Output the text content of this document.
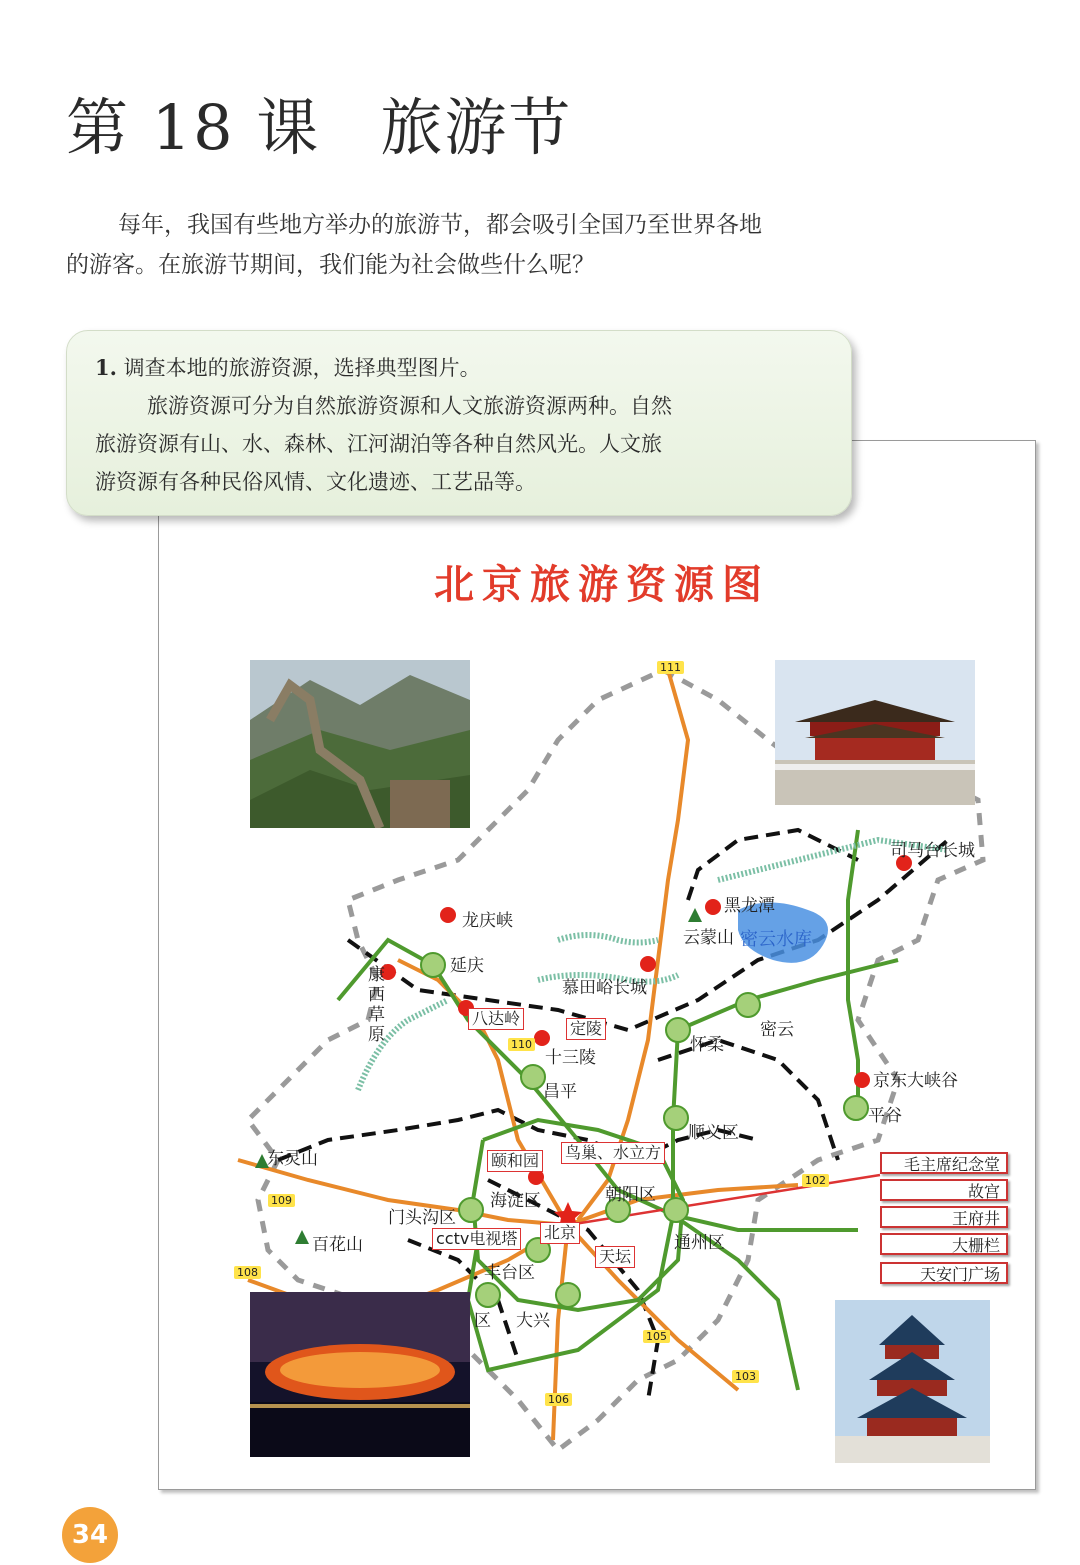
第 18 课 旅游节

每年，我国有些地方举办的旅游节，都会吸引全国乃至世界各地

的游客。在旅游节期间，我们能为社会做些什么呢？

1. 调查本地的旅游资源，选择典型图片。

旅游资源可分为自然旅游资源和人文旅游资源两种。自然

旅游资源有山、水、森林、江河湖泊等各种自然风光。人文旅

游资源有各种民俗风情、文化遗迹、工艺品等。

北京旅游资源图
司马台长城
黑龙潭
云蒙山 密云水库
龙庆峡
延庆
康西草原
慕田峪长城
八达岭
定陵
十三陵
怀柔
密云
昌平
京东大峡谷
平谷
顺义区
东灵山	颐和园 鸟巢、水立方
海淀区	朝阳区
门头沟区
百花山	cctv电视塔 北京
通州区
天坛
丰台区
区 大兴
111
110
109
108
102
105
103
106
毛主席纪念堂
故宫
王府井
大栅栏
天安门广场
34
